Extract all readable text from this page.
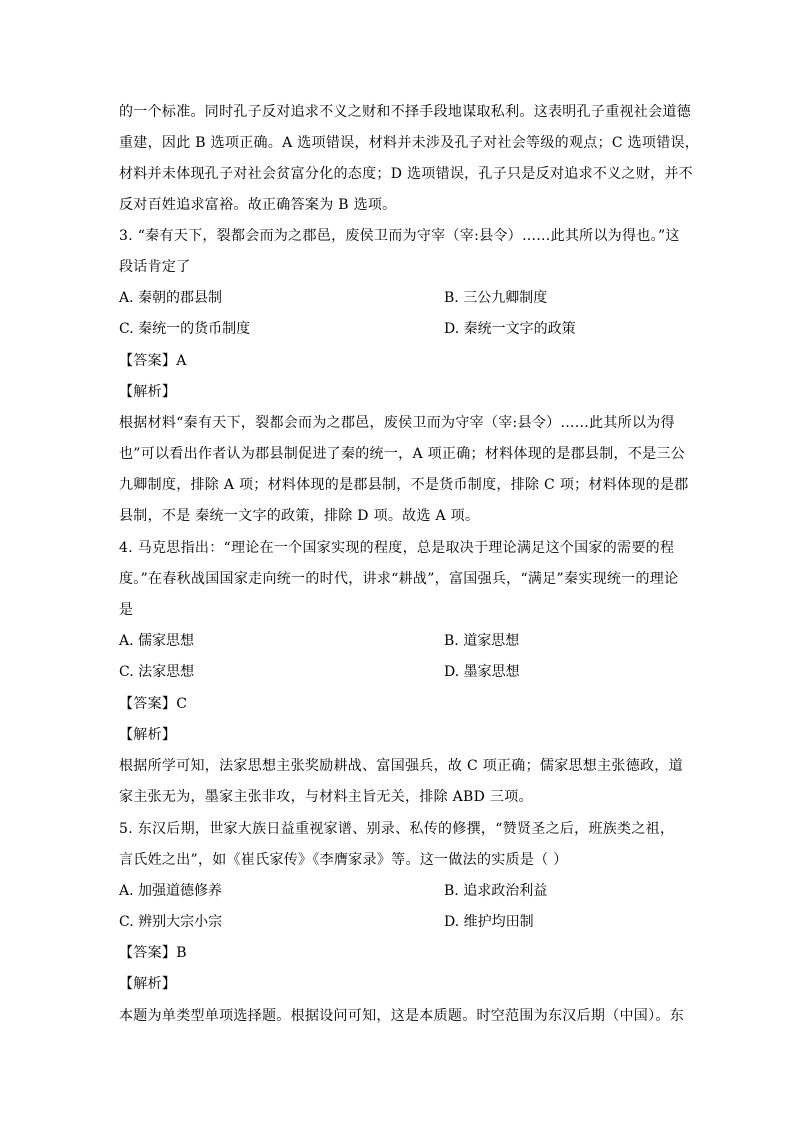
的一个标准。同时孔子反对追求不义之财和不择手段地谋取私利。这表明孔子重视社会道德
重建，因此 B 选项正确。A 选项错误，材料并未涉及孔子对社会等级的观点；C 选项错误，
材料并未体现孔子对社会贫富分化的态度；D 选项错误，孔子只是反对追求不义之财，并不
反对百姓追求富裕。故正确答案为 B 选项。
3. “秦有天下，裂都会而为之郡邑，废侯卫而为守宰（宰:县令）……此其所以为得也。”这
段话肯定了
A. 秦朝的郡县制	B. 三公九卿制度
C. 秦统一的货币制度	D. 秦统一文字的政策
【答案】A
【解析】
根据材料“秦有天下，裂都会而为之郡邑，废侯卫而为守宰（宰:县令）……此其所以为得
也”可以看出作者认为郡县制促进了秦的统一，A 项正确；材料体现的是郡县制，不是三公
九卿制度，排除 A 项；材料体现的是郡县制，不是货币制度，排除 C 项；材料体现的是郡
县制，不是 秦统一文字的政策，排除 D 项。故选 A 项。
4. 马克思指出：“理论在一个国家实现的程度，总是取决于理论满足这个国家的需要的程
度。”在春秋战国国家走向统一的时代，讲求“耕战”，富国强兵，“满足”秦实现统一的理论
是
A. 儒家思想	B. 道家思想
C. 法家思想	D. 墨家思想
【答案】C
【解析】
根据所学可知，法家思想主张奖励耕战、富国强兵，故 C 项正确；儒家思想主张德政，道
家主张无为，墨家主张非攻，与材料主旨无关，排除 ABD 三项。
5. 东汉后期，世家大族日益重视家谱、别录、私传的修撰，“赞贤圣之后，班族类之祖，
言氏姓之出”，如《崔氏家传》《李膺家录》等。这一做法的实质是（ ）
A. 加强道德修养	B. 追求政治利益
C. 辨别大宗小宗	D. 维护均田制
【答案】B
【解析】
本题为单类型单项选择题。根据设问可知，这是本质题。时空范围为东汉后期（中国）。东
